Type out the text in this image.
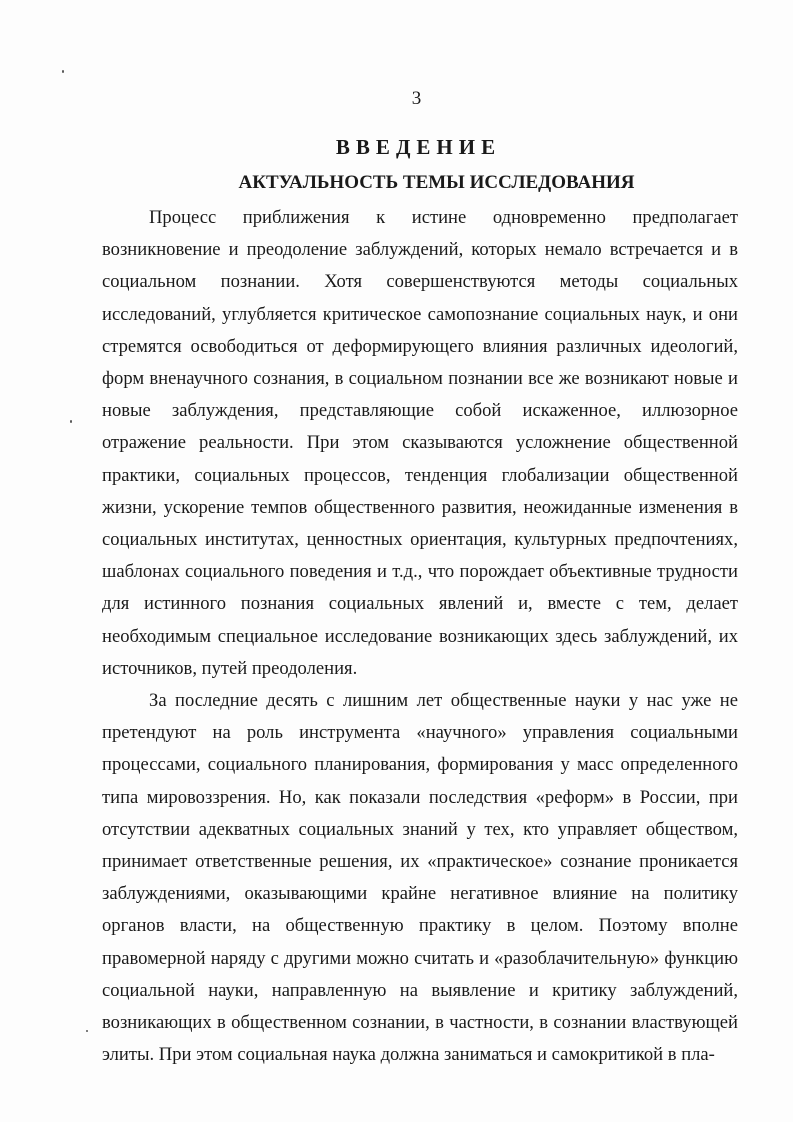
3
ВВЕДЕНИЕ
АКТУАЛЬНОСТЬ ТЕМЫ ИССЛЕДОВАНИЯ

Процесс приближения к истине одновременно предполагает возникновение и преодоление заблуждений, которых немало встречается и в социальном познании. Хотя совершенствуются методы социальных исследований, углубляется критическое самопознание социальных наук, и они стремятся освободиться от деформирующего влияния различных идеологий, форм вненаучного сознания, в социальном познании все же возникают новые и новые заблуждения, представляющие собой искаженное, иллюзорное отражение реальности. При этом сказываются усложнение общественной практики, социальных процессов, тенденция глобализации общественной жизни, ускорение темпов общественного развития, неожиданные изменения в социальных институтах, ценностных ориентация, культурных предпочтениях, шаблонах социального поведения и т.д., что порождает объективные трудности для истинного познания социальных явлений и, вместе с тем, делает необходимым специальное исследование возникающих здесь заблуждений, их источников, путей преодоления.

За последние десять с лишним лет общественные науки у нас уже не претендуют на роль инструмента «научного» управления социальными процессами, социального планирования, формирования у масс определенного типа мировоззрения. Но, как показали последствия «реформ» в России, при отсутствии адекватных социальных знаний у тех, кто управляет обществом, принимает ответственные решения, их «практическое» сознание проникается заблуждениями, оказывающими крайне негативное влияние на политику органов власти, на общественную практику в целом. Поэтому вполне правомерной наряду с другими можно считать и «разоблачительную» функцию социальной науки, направленную на выявление и критику заблуждений, возникающих в общественном сознании, в частности, в сознании властвующей элиты. При этом социальная наука должна заниматься и самокритикой в пла-
